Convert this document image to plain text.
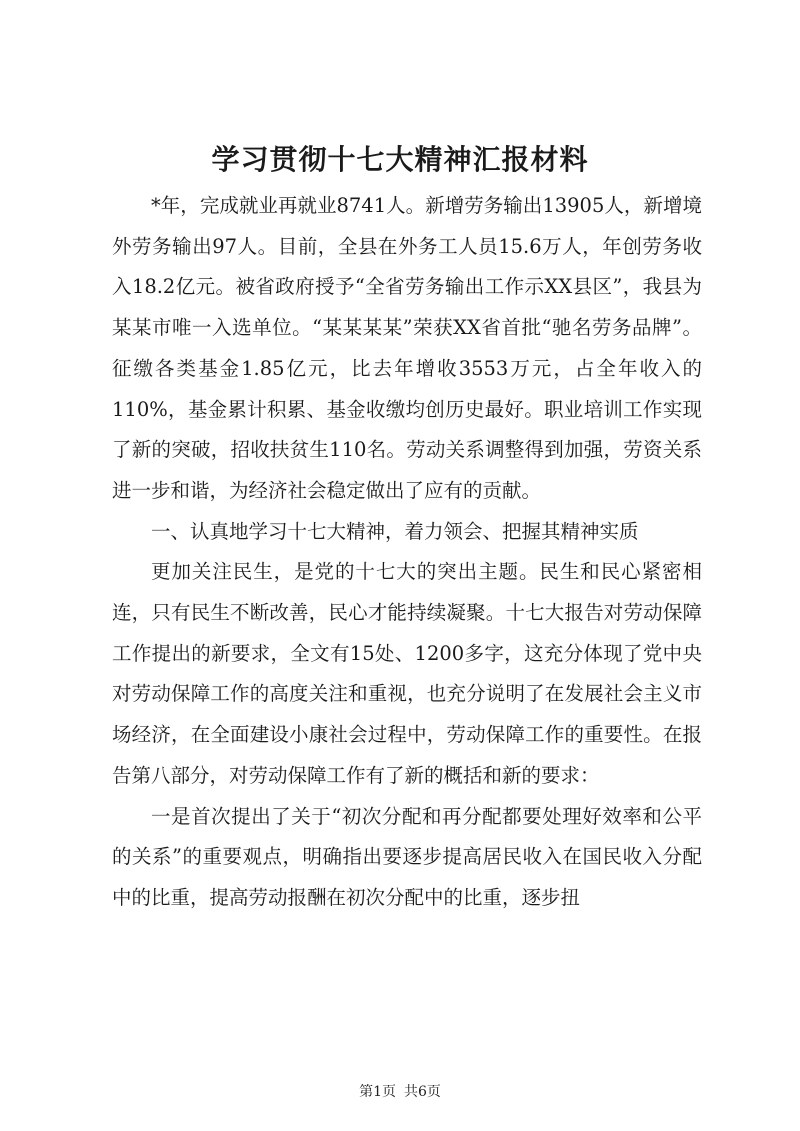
学习贯彻十七大精神汇报材料

*年，完成就业再就业8741人。新增劳务输出13905人，新增境外劳务输出97人。目前，全县在外务工人员15.6万人，年创劳务收入18.2亿元。被省政府授予“全省劳务输出工作示XX县区”，我县为某某市唯一入选单位。“某某某某”荣获XX省首批“驰名劳务品牌”。征缴各类基金1.85亿元，比去年增收3553万元，占全年收入的110%，基金累计积累、基金收缴均创历史最好。职业培训工作实现了新的突破，招收扶贫生110名。劳动关系调整得到加强，劳资关系进一步和谐，为经济社会稳定做出了应有的贡献。

一、认真地学习十七大精神，着力领会、把握其精神实质

更加关注民生，是党的十七大的突出主题。民生和民心紧密相连，只有民生不断改善，民心才能持续凝聚。十七大报告对劳动保障工作提出的新要求，全文有15处、1200多字，这充分体现了党中央对劳动保障工作的高度关注和重视，也充分说明了在发展社会主义市场经济，在全面建设小康社会过程中，劳动保障工作的重要性。在报告第八部分，对劳动保障工作有了新的概括和新的要求：

一是首次提出了关于“初次分配和再分配都要处理好效率和公平的关系”的重要观点，明确指出要逐步提高居民收入在国民收入分配中的比重，提高劳动报酬在初次分配中的比重，逐步扭

第1页 共6页
